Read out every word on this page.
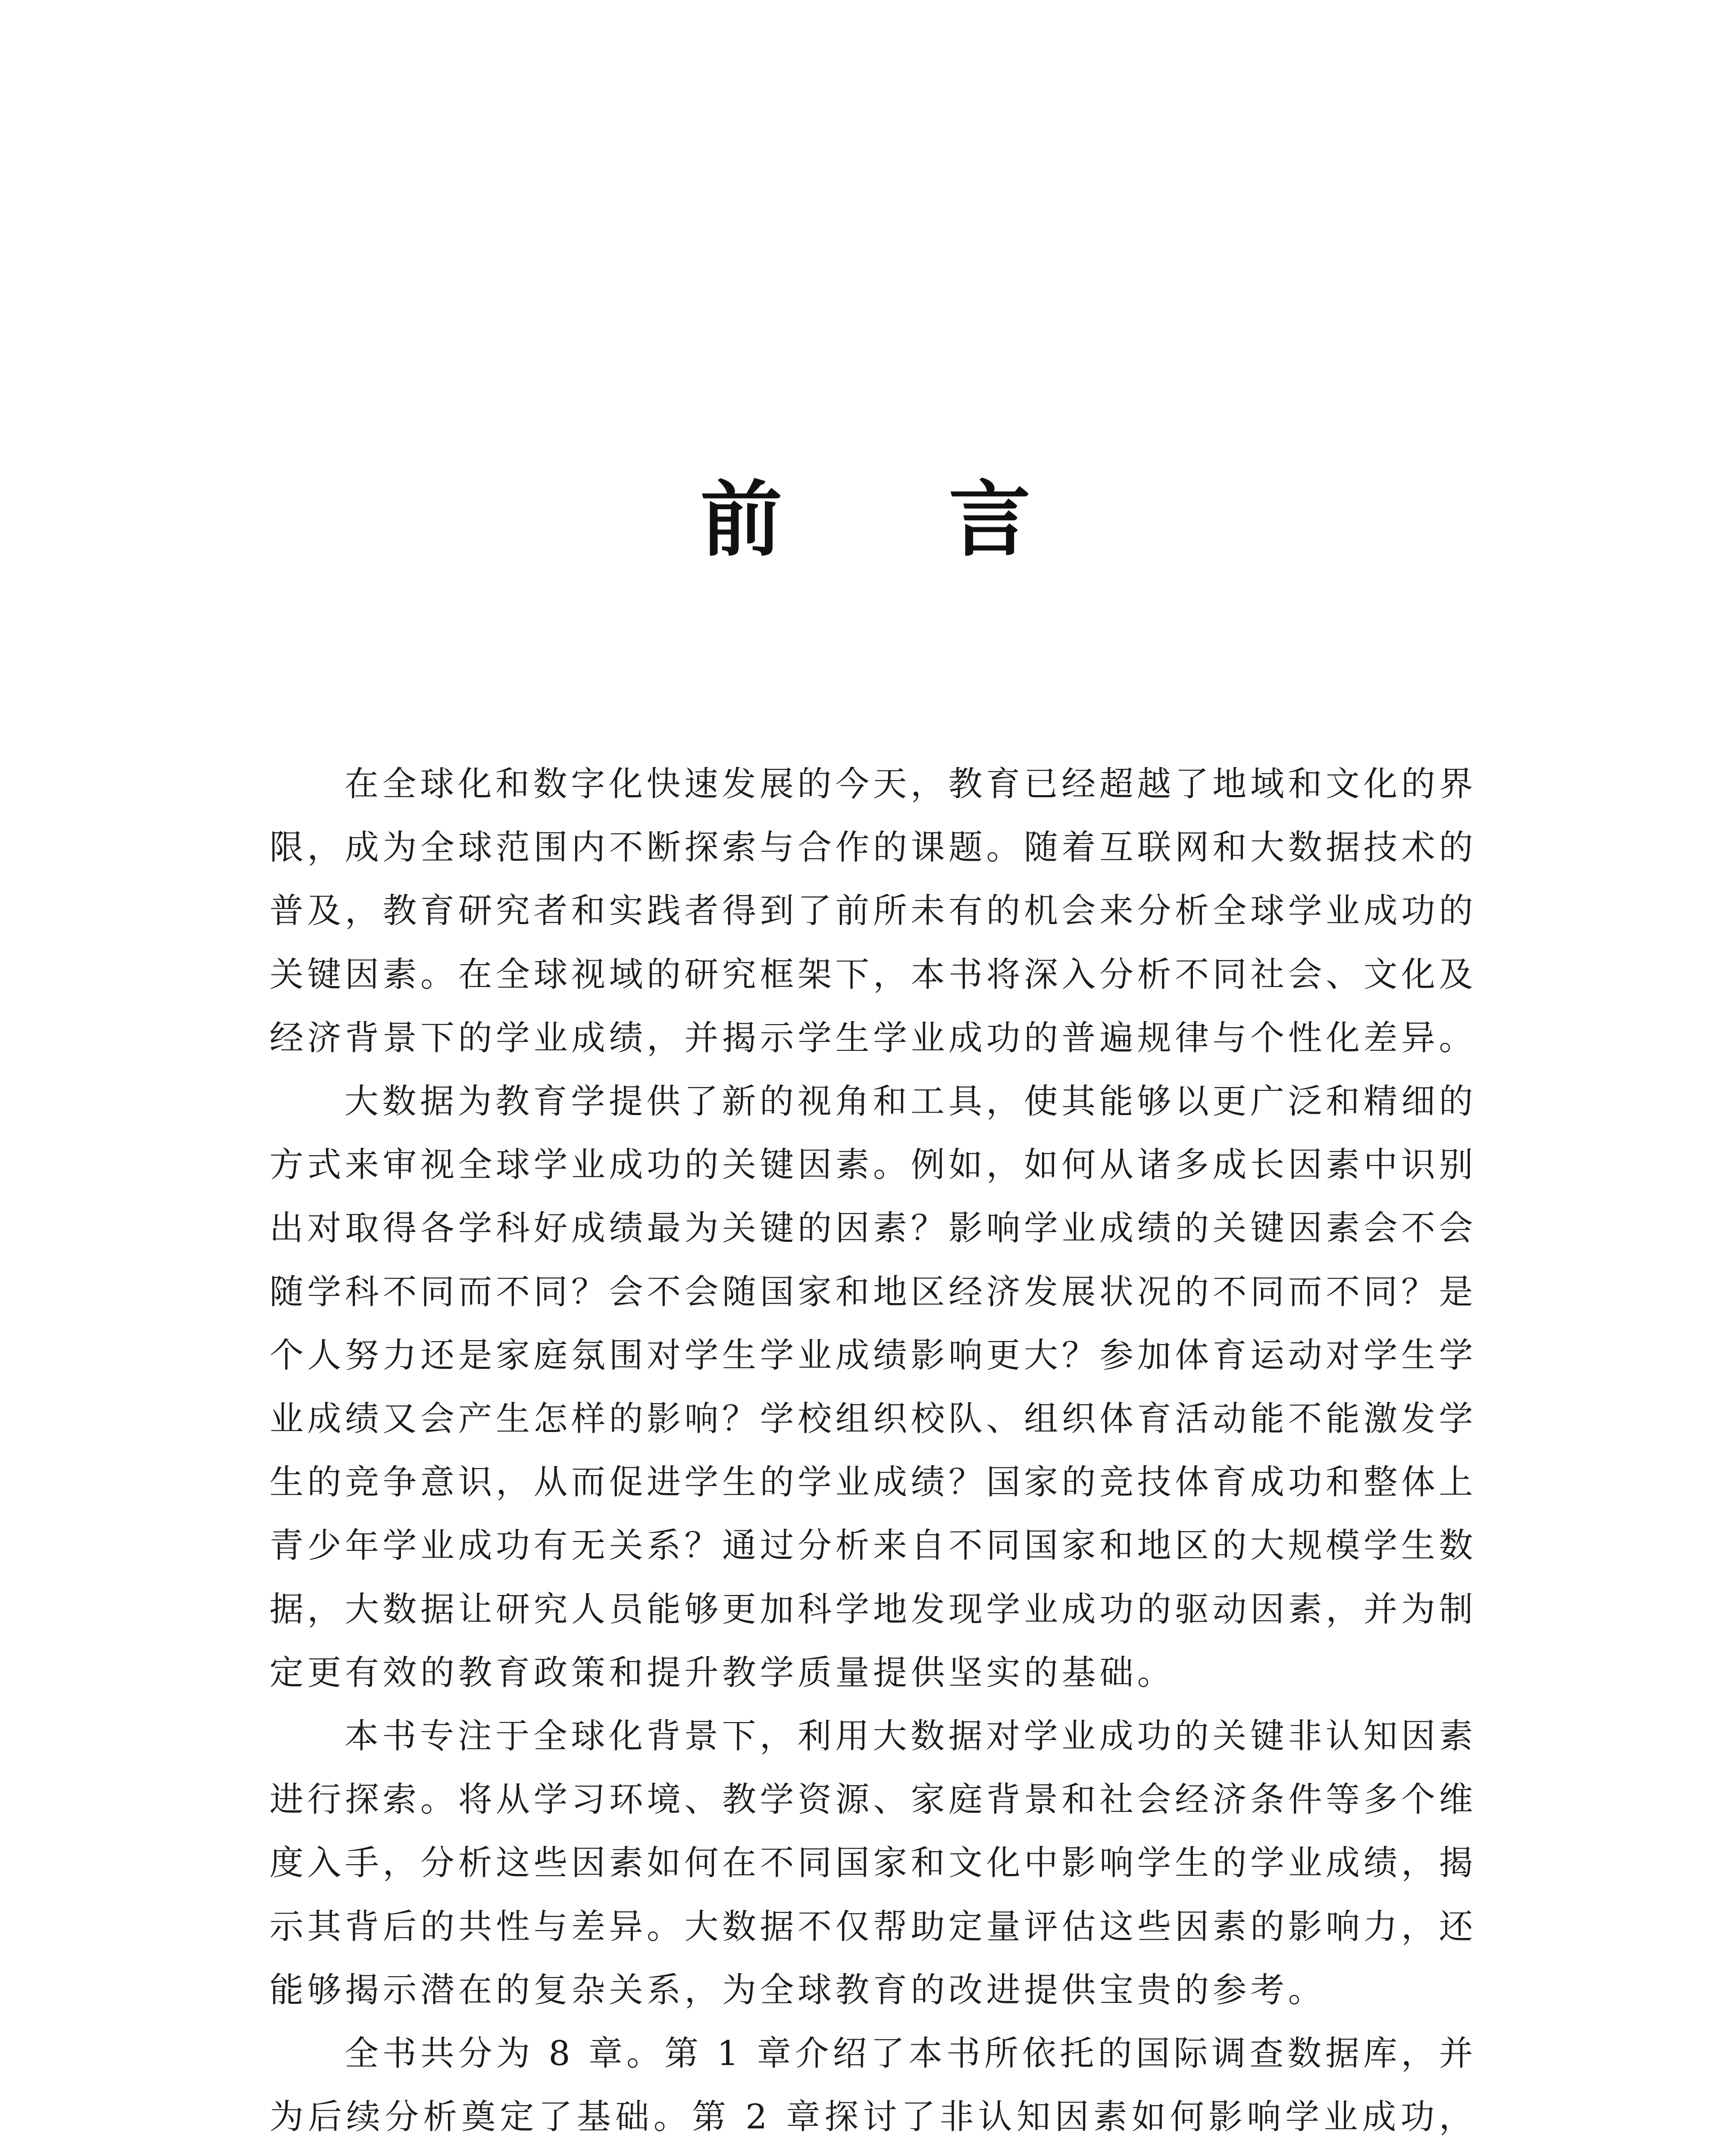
前 言

在全球化和数字化快速发展的今天，教育已经超越了地域和文化的界限，成为全球范围内不断探索与合作的课题。随着互联网和大数据技术的普及，教育研究者和实践者得到了前所未有的机会来分析全球学业成功的关键因素。在全球视域的研究框架下，本书将深入分析不同社会、文化及经济背景下的学业成绩，并揭示学生学业成功的普遍规律与个性化差异。

大数据为教育学提供了新的视角和工具，使其能够以更广泛和精细的方式来审视全球学业成功的关键因素。例如，如何从诸多成长因素中识别出对取得各学科好成绩最为关键的因素？影响学业成绩的关键因素会不会随学科不同而不同？会不会随国家和地区经济发展状况的不同而不同？是个人努力还是家庭氛围对学生学业成绩影响更大？参加体育运动对学生学业成绩又会产生怎样的影响？学校组织校队、组织体育活动能不能激发学生的竞争意识，从而促进学生的学业成绩？国家的竞技体育成功和整体上青少年学业成功有无关系？通过分析来自不同国家和地区的大规模学生数据，大数据让研究人员能够更加科学地发现学业成功的驱动因素，并为制定更有效的教育政策和提升教学质量提供坚实的基础。

本书专注于全球化背景下，利用大数据对学业成功的关键非认知因素进行探索。将从学习环境、教学资源、家庭背景和社会经济条件等多个维度入手，分析这些因素如何在不同国家和文化中影响学生的学业成绩，揭示其背后的共性与差异。大数据不仅帮助定量评估这些因素的影响力，还能够揭示潜在的复杂关系，为全球教育的改进提供宝贵的参考。

全书共分为 8 章。第 1 章介绍了本书所依托的国际调查数据库，并为后续分析奠定了基础。第 2 章探讨了非认知因素如何影响学业成功，
